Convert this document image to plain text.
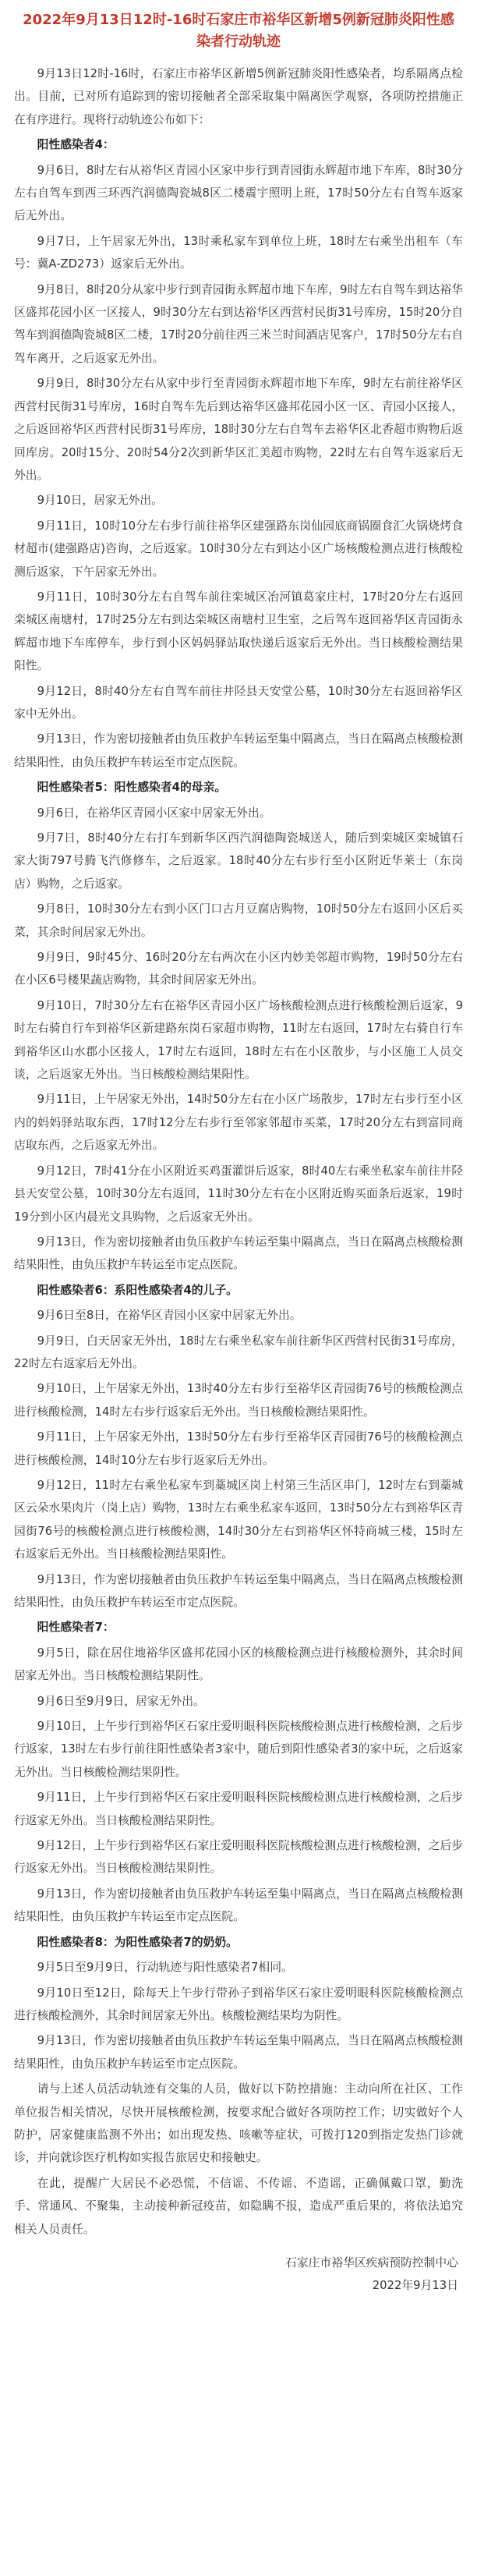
2022年9月13日12时-16时石家庄市裕华区新增5例新冠肺炎阳性感染者行动轨迹

9月13日12时-16时，石家庄市裕华区新增5例新冠肺炎阳性感染者，均系隔离点检出。目前，已对所有追踪到的密切接触者全部采取集中隔离医学观察，各项防控措施正在有序进行。现将行动轨迹公布如下：

阳性感染者4：

9月6日，8时左右从裕华区青园小区家中步行到青园街永辉超市地下车库，8时30分左右自驾车到西三环西汽润德陶瓷城8区二楼震宇照明上班，17时50分左右自驾车返家后无外出。

9月7日，上午居家无外出，13时乘私家车到单位上班，18时左右乘坐出租车（车号：冀A-ZD273）返家后无外出。

9月8日，8时20分从家中步行到青园街永辉超市地下车库，9时左右自驾车到达裕华区盛邦花园小区一区接人，9时30分左右到达裕华区西营村民街31号库房，15时20分自驾车到润德陶瓷城8区二楼，17时20分前往西三米兰时间酒店见客户，17时50分左右自驾车离开，之后返家无外出。

9月9日，8时30分左右从家中步行至青园街永辉超市地下车库，9时左右前往裕华区西营村民街31号库房，16时自驾车先后到达裕华区盛邦花园小区一区、青园小区接人，之后返回裕华区西营村民街31号库房，18时30分左右自驾车去裕华区北香超市购物后返回库房。20时15分、20时54分2次到新华区汇美超市购物，22时左右自驾车返家后无外出。

9月10日，居家无外出。

9月11日，10时10分左右步行前往裕华区建强路东岗仙园底商锅圈食汇火锅烧烤食材超市(建强路店)咨询，之后返家。10时30分左右到达小区广场核酸检测点进行核酸检测后返家，下午居家无外出。

9月11日，10时30分左右自驾车前往栾城区冶河镇葛家庄村，17时20分左右返回栾城区南塘村，17时25分左右到达栾城区南塘村卫生室，之后驾车返回裕华区青园街永辉超市地下车库停车，步行到小区妈妈驿站取快递后返家后无外出。当日核酸检测结果阳性。

9月12日，8时40分左右自驾车前往井陉县天安堂公墓，10时30分左右返回裕华区家中无外出。

9月13日，作为密切接触者由负压救护车转运至集中隔离点，当日在隔离点核酸检测结果阳性，由负压救护车转运至市定点医院。

阳性感染者5：阳性感染者4的母亲。

9月6日，在裕华区青园小区家中居家无外出。

9月7日，8时40分左右打车到新华区西汽润德陶瓷城送人，随后到栾城区栾城镇石家大街797号腾飞汽修修车，之后返家。18时40分左右步行至小区附近华莱士（东岗店）购物，之后返家。

9月8日，10时30分左右到小区门口古月豆腐店购物，10时50分左右返回小区后买菜，其余时间居家无外出。

9月9日，9时45分、16时20分左右两次在小区内妙美邻超市购物，19时50分左右在小区6号楼果蔬店购物，其余时间居家无外出。

9月10日，7时30分左右在裕华区青园小区广场核酸检测点进行核酸检测后返家，9时左右骑自行车到裕华区新建路东岗石家超市购物，11时左右返回，17时左右骑自行车到裕华区山水郡小区接人，17时左右返回，18时左右在小区散步，与小区施工人员交谈，之后返家无外出。当日核酸检测结果阳性。

9月11日，上午居家无外出，14时50分左右在小区广场散步，17时左右步行至小区内的妈妈驿站取东西，17时12分左右步行至邻家邻超市买菜，17时20分左右到富同商店取东西，之后返家无外出。

9月12日，7时41分在小区附近买鸡蛋灌饼后返家，8时40左右乘坐私家车前往井陉县天安堂公墓，10时30分左右返回，11时30分左右在小区附近购买面条后返家，19时19分到小区内晨光文具购物，之后返家无外出。

9月13日，作为密切接触者由负压救护车转运至集中隔离点，当日在隔离点核酸检测结果阳性，由负压救护车转运至市定点医院。

阳性感染者6：系阳性感染者4的儿子。

9月6日至8日，在裕华区青园小区家中居家无外出。

9月9日，白天居家无外出，18时左右乘坐私家车前往新华区西营村民街31号库房，22时左右返家后无外出。

9月10日，上午居家无外出，13时40分左右步行至裕华区青园街76号的核酸检测点进行核酸检测，14时左右步行返家后无外出。当日核酸检测结果阳性。

9月11日，上午居家无外出，13时50分左右步行至裕华区青园街76号的核酸检测点进行核酸检测，14时10分左右步行返家后无外出。

9月12日，11时左右乘坐私家车到藁城区岗上村第三生活区串门，12时左右到藁城区云朵水果肉片（岗上店）购物，13时左右乘坐私家车返回，13时50分左右到裕华区青园街76号的核酸检测点进行核酸检测，14时30分左右到裕华区怀特商城三楼，15时左右返家后无外出。当日核酸检测结果阳性。

9月13日，作为密切接触者由负压救护车转运至集中隔离点，当日在隔离点核酸检测结果阳性，由负压救护车转运至市定点医院。

阳性感染者7：

9月5日，除在居住地裕华区盛邦花园小区的核酸检测点进行核酸检测外，其余时间居家无外出。当日核酸检测结果阴性。

9月6日至9月9日，居家无外出。

9月10日，上午步行到裕华区石家庄爱明眼科医院核酸检测点进行核酸检测，之后步行返家，13时左右步行前往阳性感染者3家中，随后到阳性感染者3的家中玩，之后返家无外出。当日核酸检测结果阴性。

9月11日，上午步行到裕华区石家庄爱明眼科医院核酸检测点进行核酸检测，之后步行返家无外出。当日核酸检测结果阴性。

9月12日，上午步行到裕华区石家庄爱明眼科医院核酸检测点进行核酸检测，之后步行返家无外出。当日核酸检测结果阴性。

9月13日，作为密切接触者由负压救护车转运至集中隔离点，当日在隔离点核酸检测结果阳性，由负压救护车转运至市定点医院。

阳性感染者8：为阳性感染者7的奶奶。

9月5日至9月9日，行动轨迹与阳性感染者7相同。

9月10日至12日，除每天上午步行带孙子到裕华区石家庄爱明眼科医院核酸检测点进行核酸检测外，其余时间居家无外出。核酸检测结果均为阴性。

9月13日，作为密切接触者由负压救护车转运至集中隔离点，当日在隔离点核酸检测结果阳性，由负压救护车转运至市定点医院。

请与上述人员活动轨迹有交集的人员，做好以下防控措施：主动向所在社区、工作单位报告相关情况，尽快开展核酸检测，按要求配合做好各项防控工作；切实做好个人防护，居家健康监测不外出；如出现发热、咳嗽等症状，可拨打120到指定发热门诊就诊，并向就诊医疗机构如实报告旅居史和接触史。

在此，提醒广大居民不必恐慌，不信谣、不传谣、不造谣，正确佩戴口罩，勤洗手、常通风、不聚集，主动接种新冠疫苗，如隐瞒不报，造成严重后果的，将依法追究相关人员责任。

石家庄市裕华区疾病预防控制中心
2022年9月13日
